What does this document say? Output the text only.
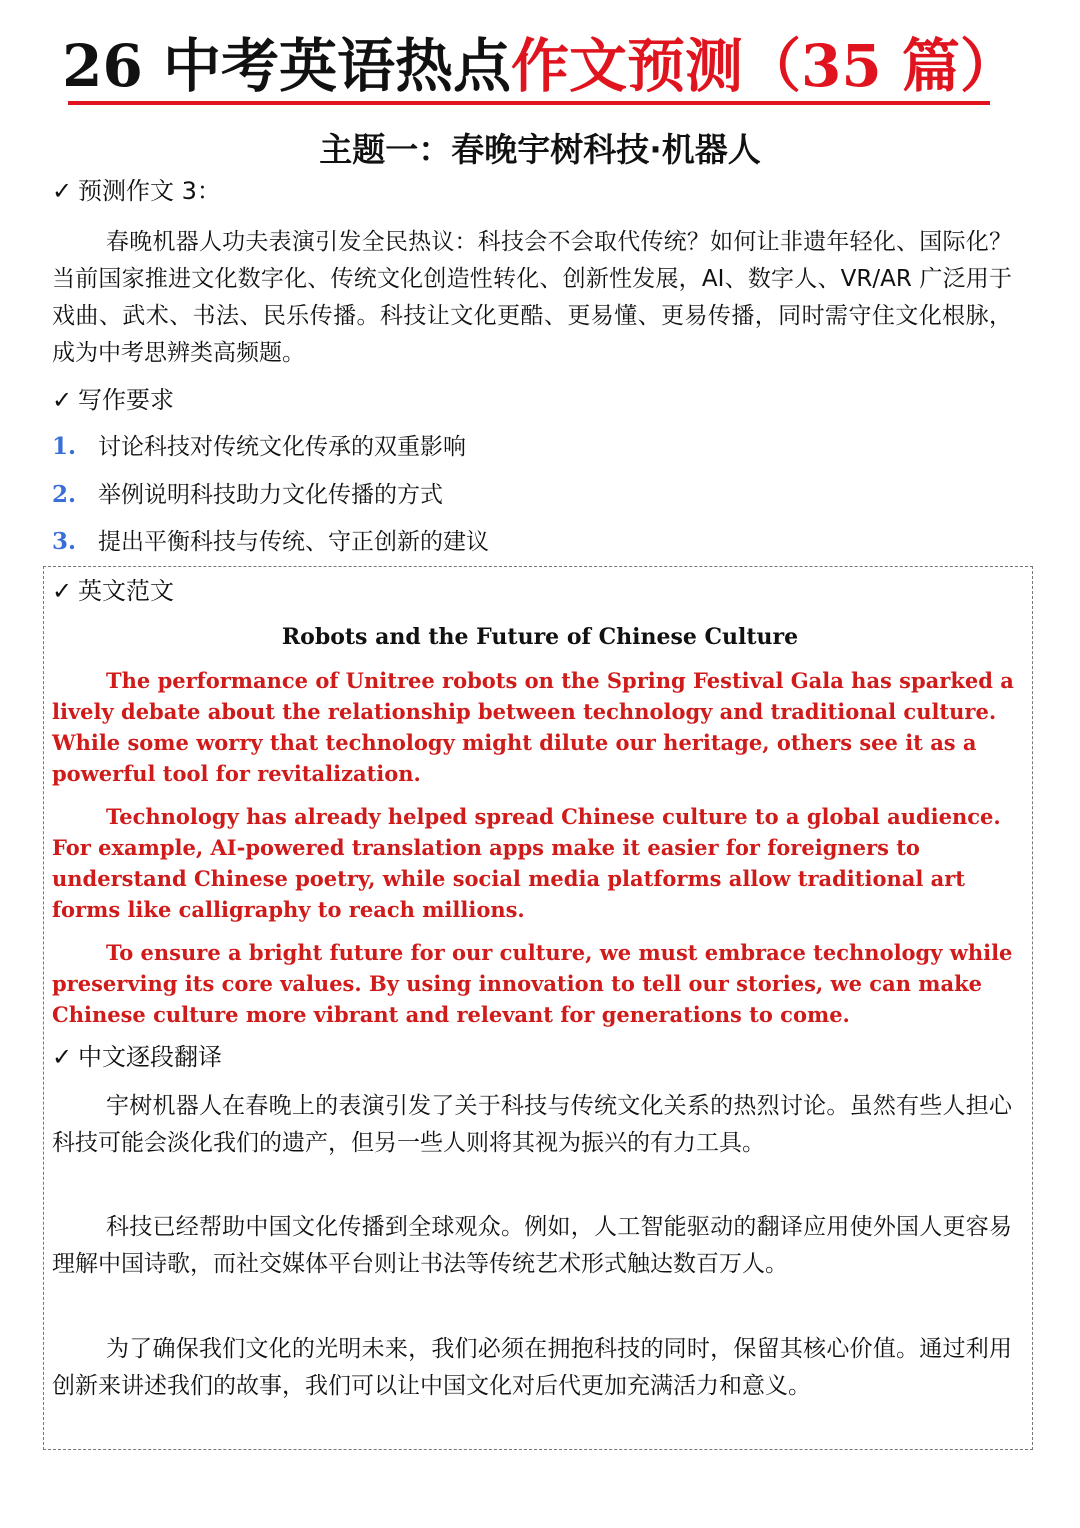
26 中考英语热点作文预测（35 篇）
主题一：春晚宇树科技·机器人
✓ 预测作文 3：
春晚机器人功夫表演引发全民热议：科技会不会取代传统？如何让非遗年轻化、国际化？当前国家推进文化数字化、传统文化创造性转化、创新性发展，AI、数字人、VR/AR 广泛用于戏曲、武术、书法、民乐传播。科技让文化更酷、更易懂、更易传播，同时需守住文化根脉，成为中考思辨类高频题。
✓ 写作要求
1. 讨论科技对传统文化传承的双重影响
2. 举例说明科技助力文化传播的方式
3. 提出平衡科技与传统、守正创新的建议
✓ 英文范文
Robots and the Future of Chinese Culture
The performance of Unitree robots on the Spring Festival Gala has sparked a lively debate about the relationship between technology and traditional culture. While some worry that technology might dilute our heritage, others see it as a powerful tool for revitalization.
Technology has already helped spread Chinese culture to a global audience. For example, AI-powered translation apps make it easier for foreigners to understand Chinese poetry, while social media platforms allow traditional art forms like calligraphy to reach millions.
To ensure a bright future for our culture, we must embrace technology while preserving its core values. By using innovation to tell our stories, we can make Chinese culture more vibrant and relevant for generations to come.
✓ 中文逐段翻译
宇树机器人在春晚上的表演引发了关于科技与传统文化关系的热烈讨论。虽然有些人担心科技可能会淡化我们的遗产，但另一些人则将其视为振兴的有力工具。
科技已经帮助中国文化传播到全球观众。例如，人工智能驱动的翻译应用使外国人更容易理解中国诗歌，而社交媒体平台则让书法等传统艺术形式触达数百万人。
为了确保我们文化的光明未来，我们必须在拥抱科技的同时，保留其核心价值。通过利用创新来讲述我们的故事，我们可以让中国文化对后代更加充满活力和意义。
